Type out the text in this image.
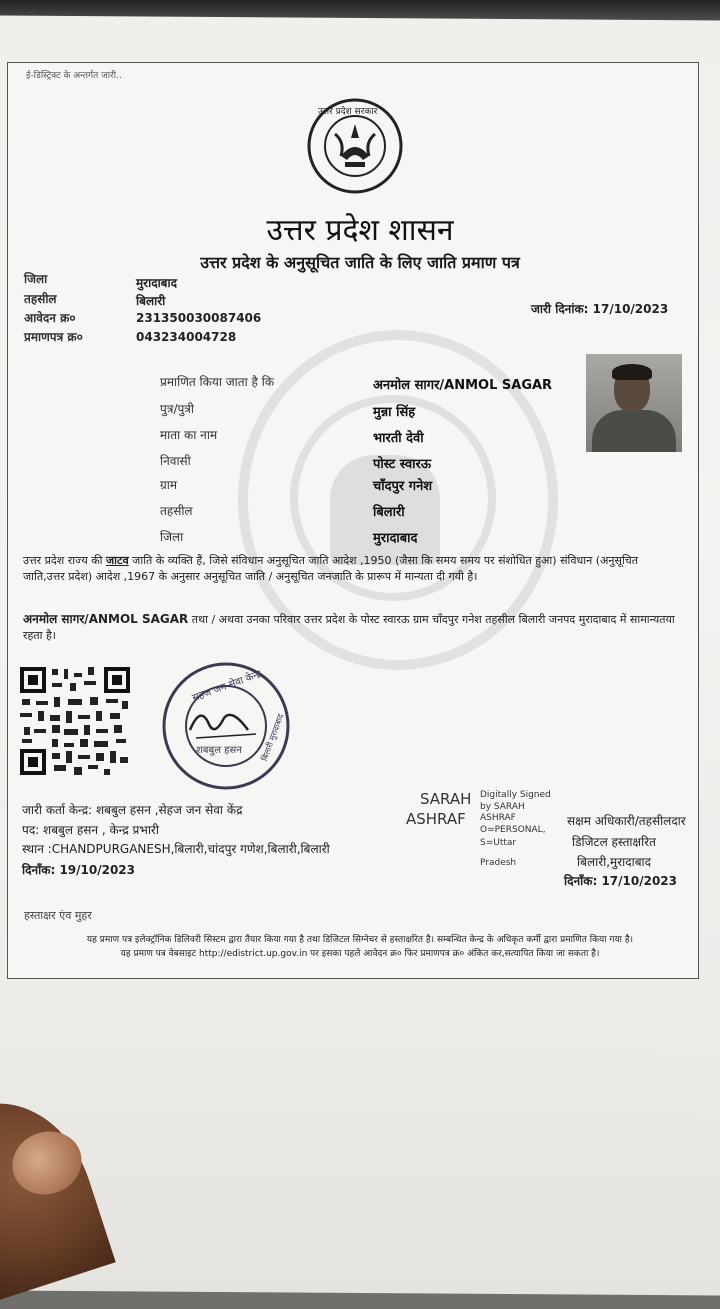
ई-डिस्ट्रिक्ट के अन्तर्गत जारी..
उत्तर प्रदेश सरकार
उत्तर प्रदेश शासन
उत्तर प्रदेश के अनुसूचित जाति के लिए जाति प्रमाण पत्र
जिला	मुरादाबाद
तहसील	बिलारी
आवेदन क्र०	231350030087406
प्रमाणपत्र क्र०	043234004728
जारी दिनांक: 17/10/2023
प्रमाणित किया जाता है कि	अनमोल सागर/ANMOL SAGAR
पुत्र/पुत्री	मुन्ना सिंह
माता का नाम	भारती देवी
निवासी	पोस्ट स्वारऊ
ग्राम	चाँदपुर गनेश
तहसील	बिलारी
जिला	मुरादाबाद
उत्तर प्रदेश राज्य की जाटव जाति के व्यक्ति हैं, जिसे संविधान अनुसूचित जाति आदेश ,1950 (जैसा कि समय समय पर संशोधित हुआ) संविधान (अनुसूचित जाति,उत्तर प्रदेश) आदेश ,1967 के अनुसार अनुसूचित जाति / अनुसूचित जनजाति के प्रारूप में मान्यता दी गयी है।
अनमोल सागर/ANMOL SAGAR तथा / अथवा उनका परिवार उत्तर प्रदेश के पोस्ट स्वारऊ ग्राम चाँदपुर गनेश तहसील बिलारी जनपद मुरादाबाद में सामान्यतया रहता है।
सहज जन सेवा केन्द्र
शबबुल हसन बिलारी मुरादाबाद
जारी कर्ता केन्द्र: शबबुल हसन ,सेहज जन सेवा केंद्र
पद: शबबुल हसन , केन्द्र प्रभारी
स्थान :CHANDPURGANESH,बिलारी,चांदपुर गणेश,बिलारी,बिलारी
दिनाँक: 19/10/2023
SARAH
ASHRAF
Digitally Signed
by SARAH
ASHRAF
O=PERSONAL,
S=Uttar
Pradesh
सक्षम अधिकारी/तहसीलदार
डिजिटल हस्ताक्षरित
बिलारी,मुरादाबाद
दिनाँक: 17/10/2023
हस्ताक्षर एंव मुहर
यह प्रमाण पत्र इलेक्ट्रॉनिक डिलिवरी सिस्टम द्वारा तैयार किया गया है तथा डिजिटल सिग्नेचर से हस्ताक्षरित है। सम्बन्धित केन्द्र के अधिकृत कर्मी द्वारा प्रमाणित किया गया है।
यह प्रमाण पत्र वेबसाइट http://edistrict.up.gov.in पर इसका पहले आवेदन क्र० फिर प्रमाणपत्र क्र० अंकित कर,सत्यापित किया जा सकता है।
